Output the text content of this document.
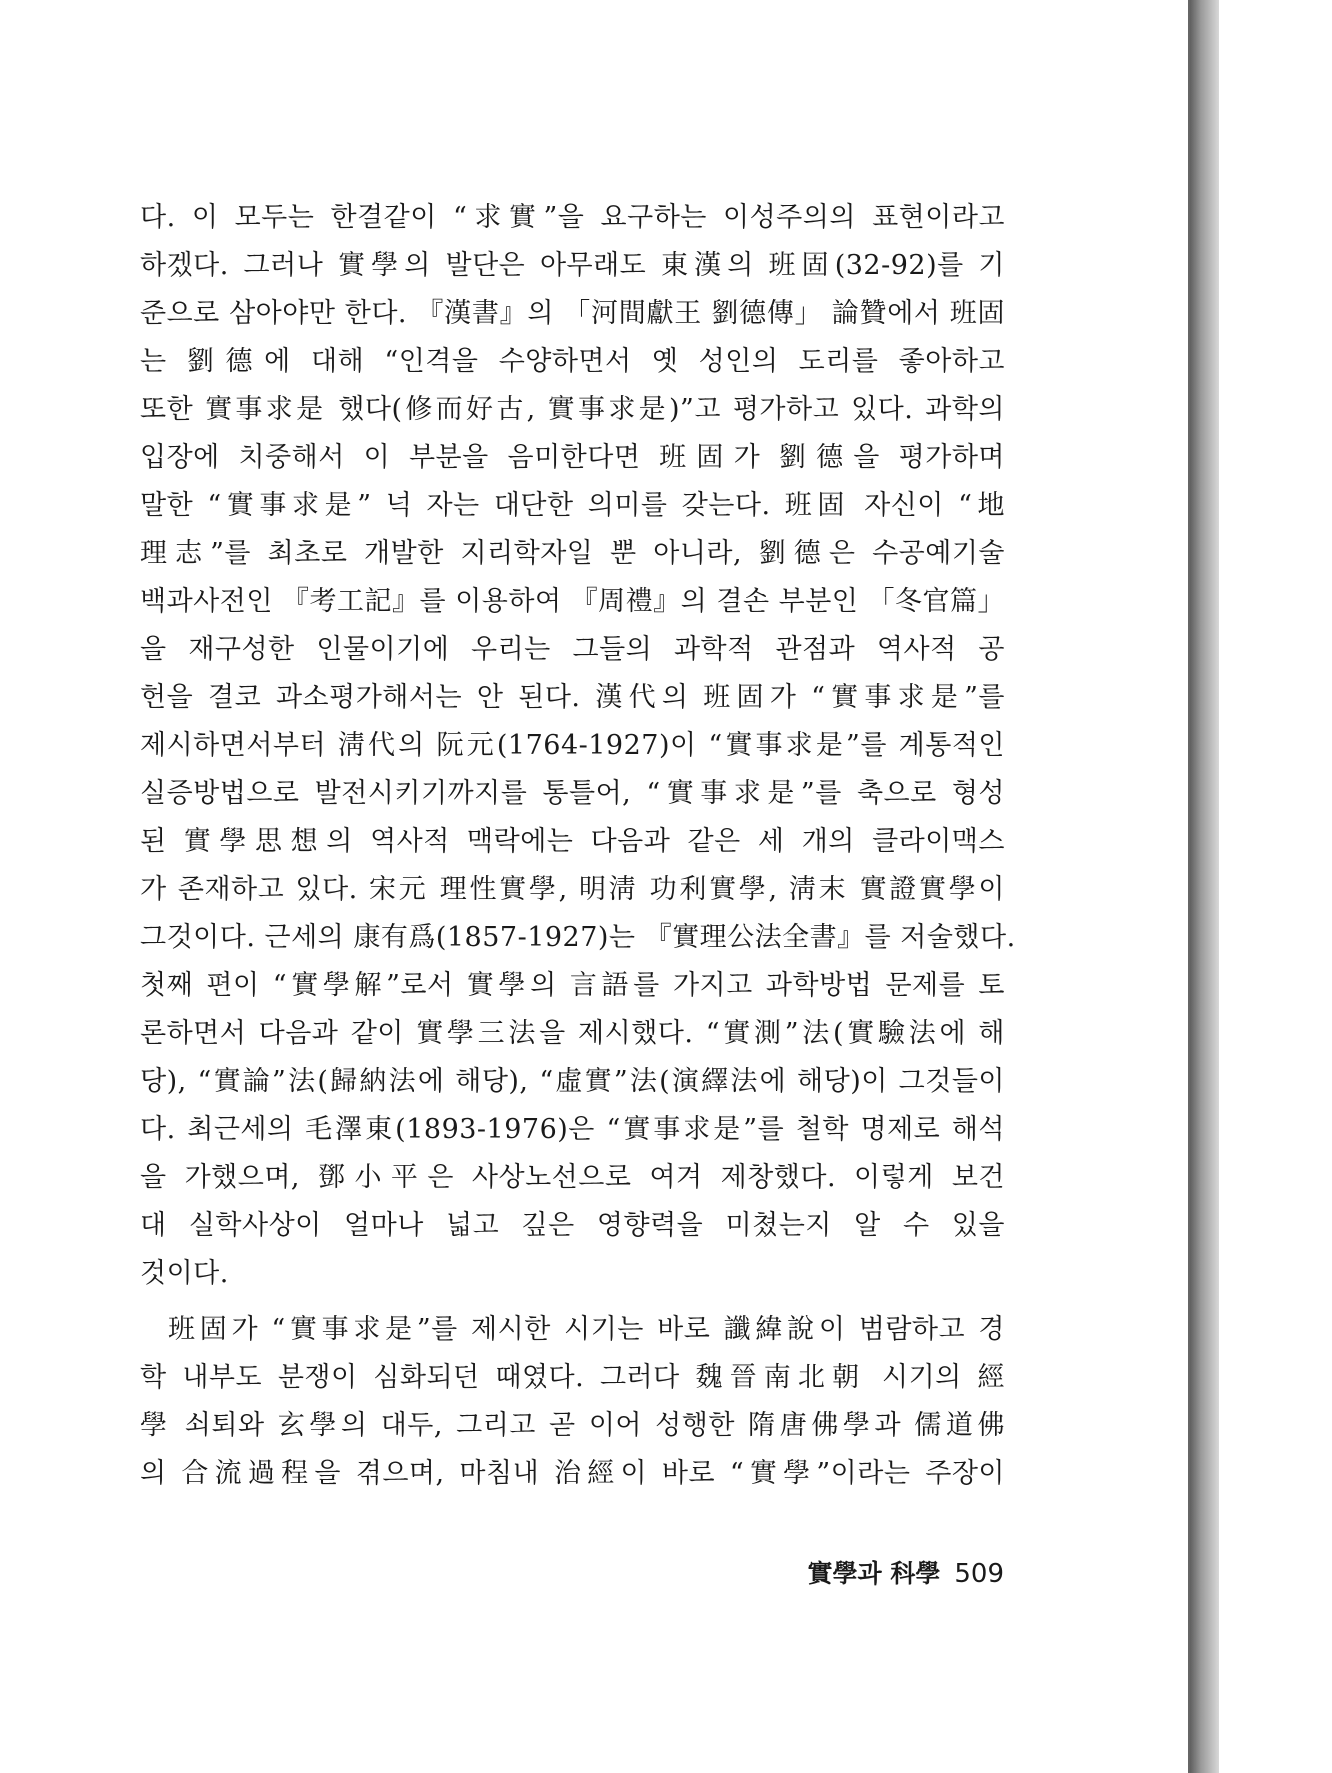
다. 이 모두는 한결같이 “求實”을 요구하는 이성주의의 표현이라고
하겠다. 그러나 實學의 발단은 아무래도 東漢의 班固(32-92)를 기
준으로 삼아야만 한다. 『漢書』의 「河間獻王 劉德傳」 論贊에서 班固
는 劉德에 대해 “인격을 수양하면서 옛 성인의 도리를 좋아하고
또한 實事求是 했다(修而好古, 實事求是)”고 평가하고 있다. 과학의
입장에 치중해서 이 부분을 음미한다면 班固가 劉德을 평가하며
말한 “實事求是” 넉 자는 대단한 의미를 갖는다. 班固 자신이 “地
理志”를 최초로 개발한 지리학자일 뿐 아니라, 劉德은 수공예기술
백과사전인 『考工記』를 이용하여 『周禮』의 결손 부분인 「冬官篇」
을 재구성한 인물이기에 우리는 그들의 과학적 관점과 역사적 공
헌을 결코 과소평가해서는 안 된다. 漢代의 班固가 “實事求是”를
제시하면서부터 淸代의 阮元(1764-1927)이 “實事求是”를 계통적인
실증방법으로 발전시키기까지를 통틀어, “實事求是”를 축으로 형성
된 實學思想의 역사적 맥락에는 다음과 같은 세 개의 클라이맥스
가 존재하고 있다. 宋元 理性實學, 明淸 功利實學, 淸末 實證實學이
그것이다. 근세의 康有爲(1857-1927)는 『實理公法全書』를 저술했다.
첫째 편이 “實學解”로서 實學의 言語를 가지고 과학방법 문제를 토
론하면서 다음과 같이 實學三法을 제시했다. “實測”法(實驗法에 해
당), “實論”法(歸納法에 해당), “虛實”法(演繹法에 해당)이 그것들이
다. 최근세의 毛澤東(1893-1976)은 “實事求是”를 철학 명제로 해석
을 가했으며, 鄧小平은 사상노선으로 여겨 제창했다. 이렇게 보건
대 실학사상이 얼마나 넓고 깊은 영향력을 미쳤는지 알 수 있을
것이다.
班固가 “實事求是”를 제시한 시기는 바로 讖緯說이 범람하고 경
학 내부도 분쟁이 심화되던 때였다. 그러다 魏晉南北朝 시기의 經
學 쇠퇴와 玄學의 대두, 그리고 곧 이어 성행한 隋唐佛學과 儒道佛
의 合流過程을 겪으며, 마침내 治經이 바로 “實學”이라는 주장이
實學과 科學 509
